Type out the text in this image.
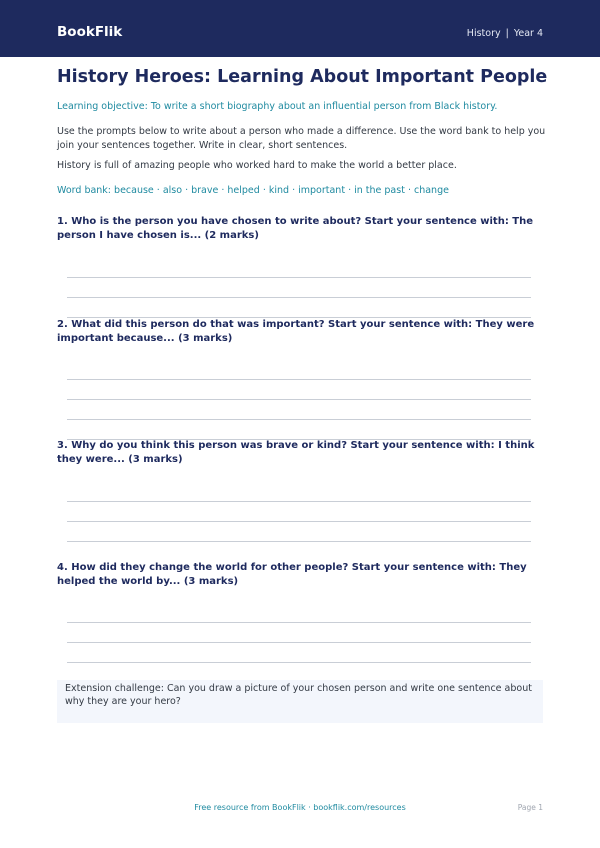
BookFlik	History | Year 4
History Heroes: Learning About Important People
Learning objective: To write a short biography about an influential person from Black history.
Use the prompts below to write about a person who made a difference. Use the word bank to help you join your sentences together. Write in clear, short sentences.
History is full of amazing people who worked hard to make the world a better place.
Word bank: because · also · brave · helped · kind · important · in the past · change
1. Who is the person you have chosen to write about? Start your sentence with: The person I have chosen is... (2 marks)
2. What did this person do that was important? Start your sentence with: They were important because... (3 marks)
3. Why do you think this person was brave or kind? Start your sentence with: I think they were... (3 marks)
4. How did they change the world for other people? Start your sentence with: They helped the world by... (3 marks)
Extension challenge: Can you draw a picture of your chosen person and write one sentence about why they are your hero?
Free resource from BookFlik · bookflik.com/resources	Page 1
